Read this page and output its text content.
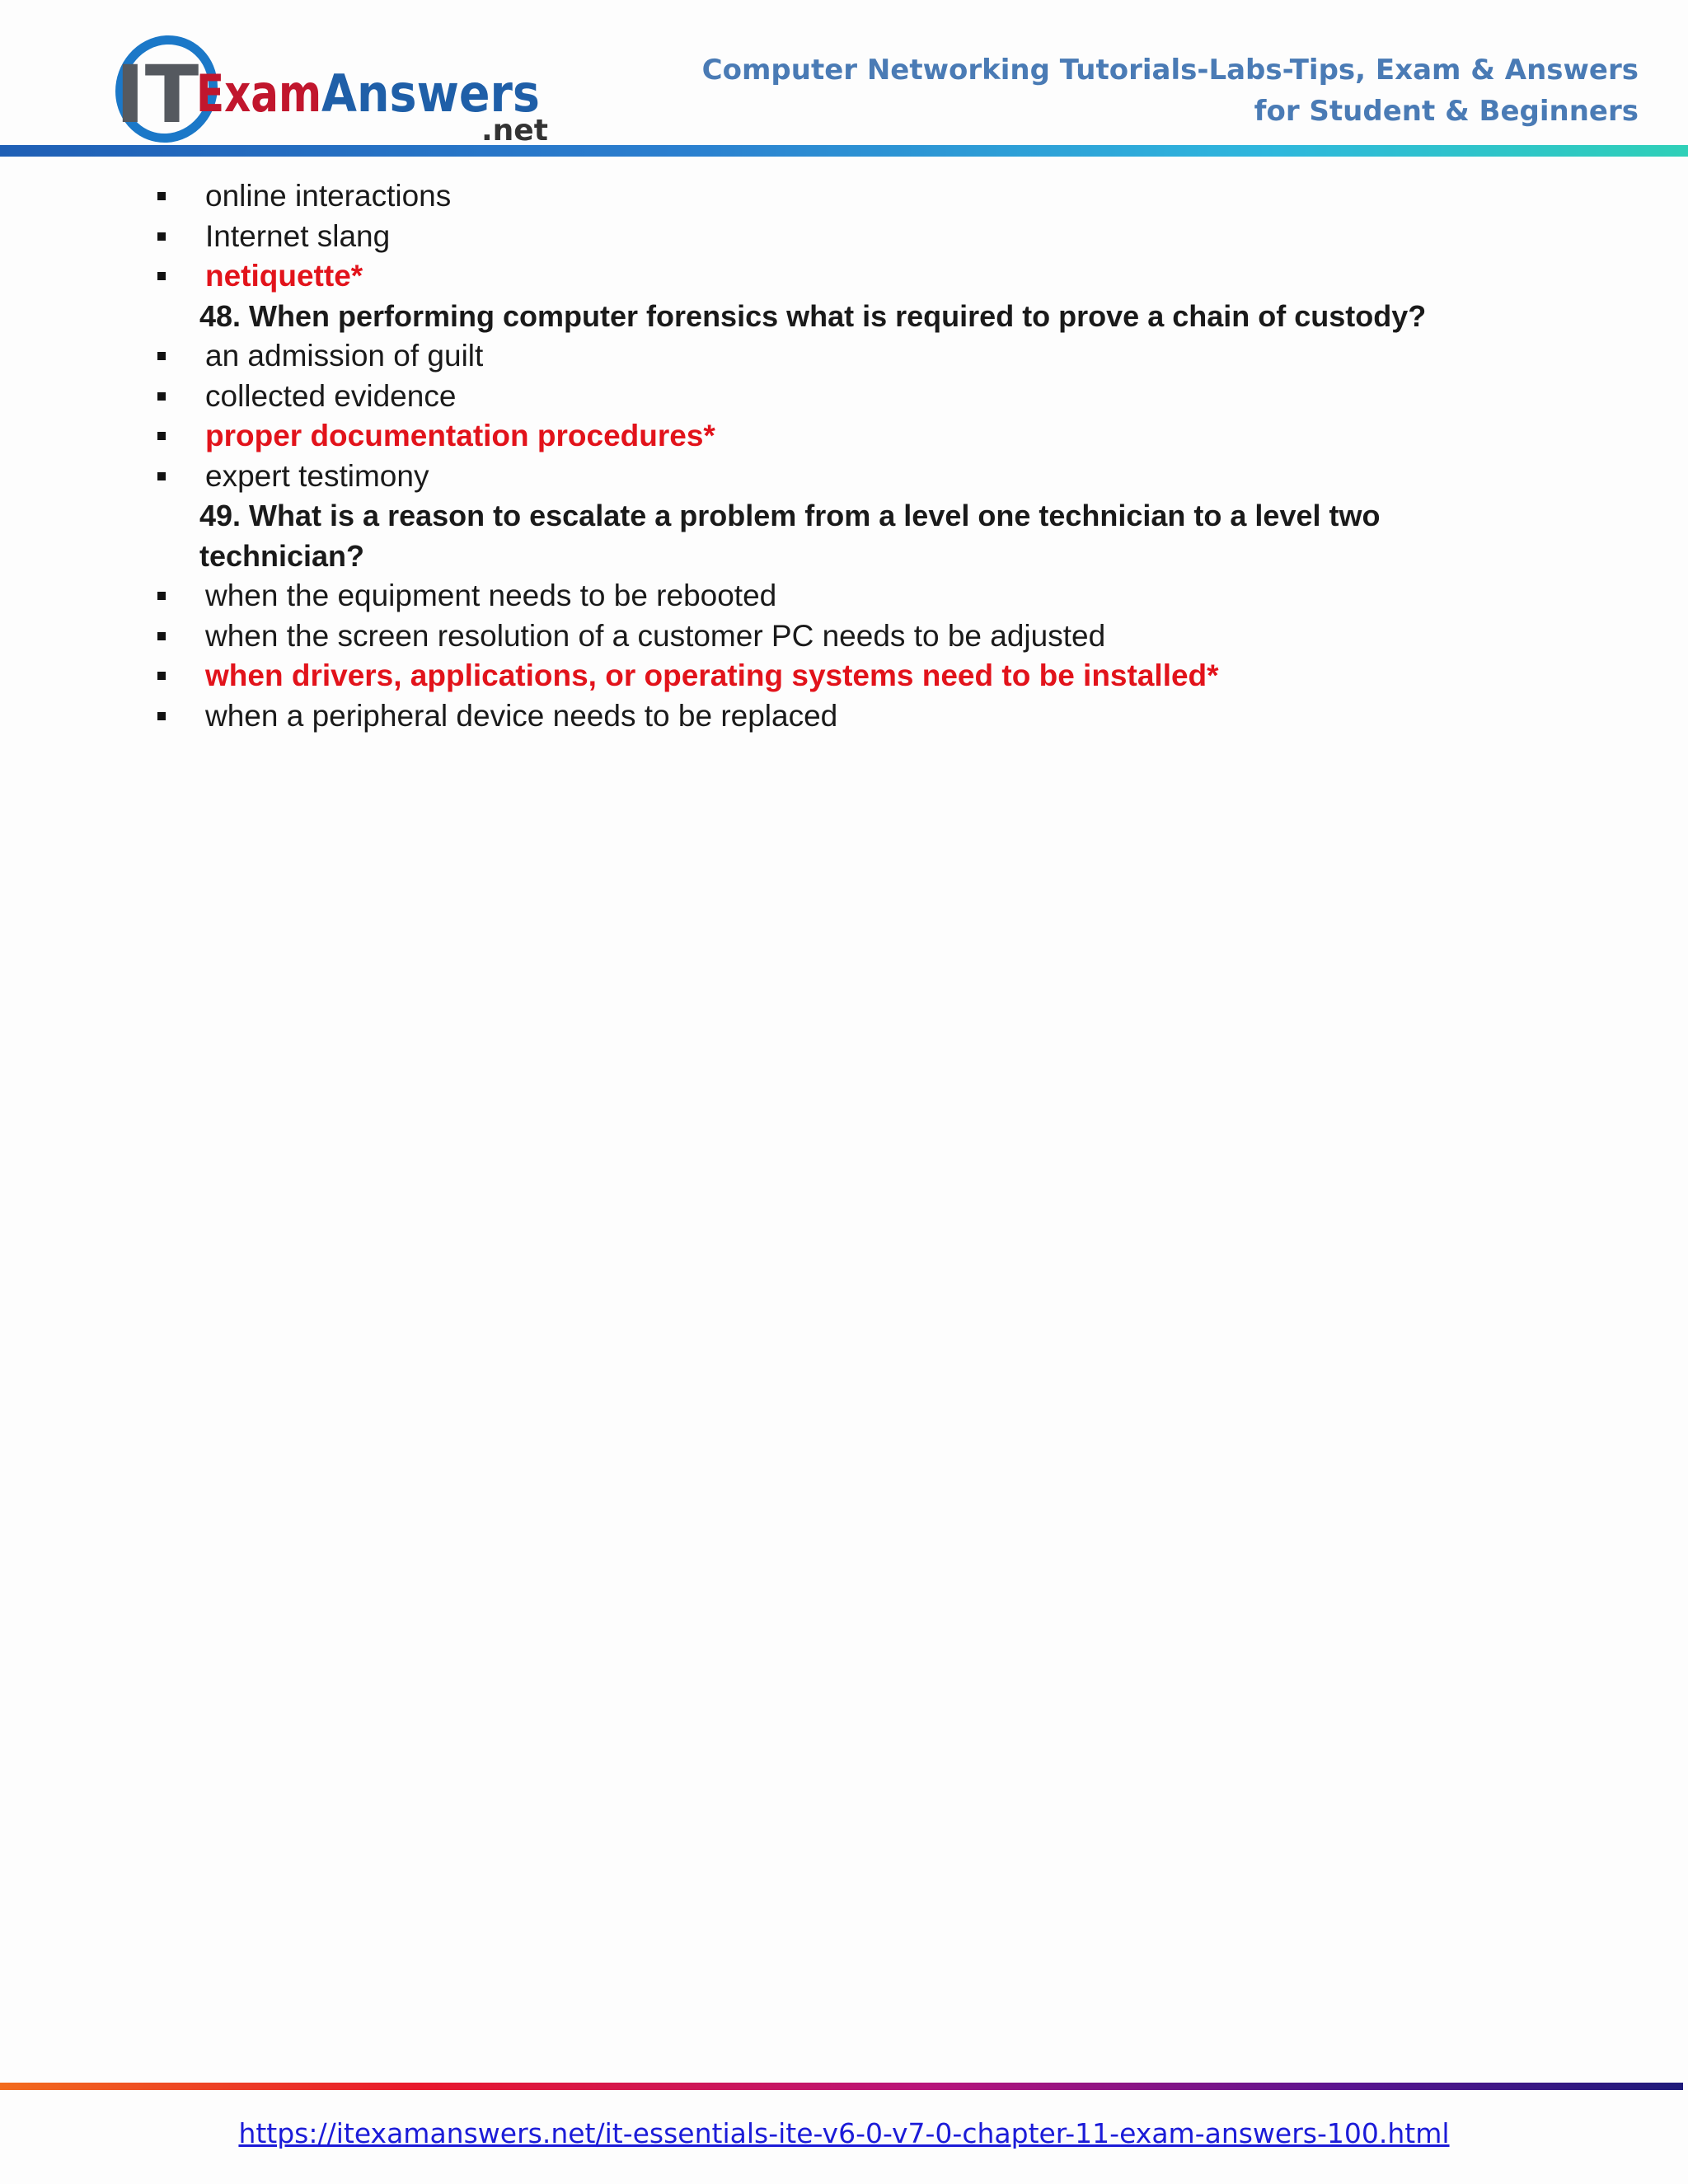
IT
Exam Answers
.net
Computer Networking Tutorials-Labs-Tips, Exam & Answers
for Student & Beginners
online interactions
Internet slang
netiquette*
48. When performing computer forensics what is required to prove a chain of custody?
an admission of guilt
collected evidence
proper documentation procedures*
expert testimony
49. What is a reason to escalate a problem from a level one technician to a level two technician?
when the equipment needs to be rebooted
when the screen resolution of a customer PC needs to be adjusted
when drivers, applications, or operating systems need to be installed*
when a peripheral device needs to be replaced
https://itexamanswers.net/it-essentials-ite-v6-0-v7-0-chapter-11-exam-answers-100.html
